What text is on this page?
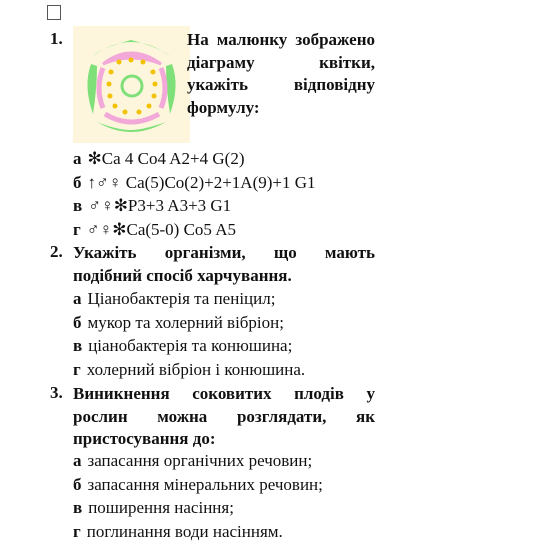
1.	На малюнку зображено діаграму квітки, укажіть відповідну формулу:
а ✻Ca 4 Co4 A2+4 G(2)
б ↑♂♀ Ca(5)Co(2)+2+1A(9)+1 G1
в ♂♀✻P3+3 A3+3 G1
г ♂♀✻Ca(5-0) Co5 A5
2. Укажіть організми, що мають подібний спосіб харчування.
а Ціанобактерія та пеніцил;
б мукор та холерний вібріон;
в ціанобактерія та конюшина;
г холерний вібріон і конюшина.
3. Виникнення соковитих плодів у рослин можна розглядати, як пристосування до:
а запасання органічних речовин;
б запасання мінеральних речовин;
в поширення насіння;
г поглинання води насінням.
